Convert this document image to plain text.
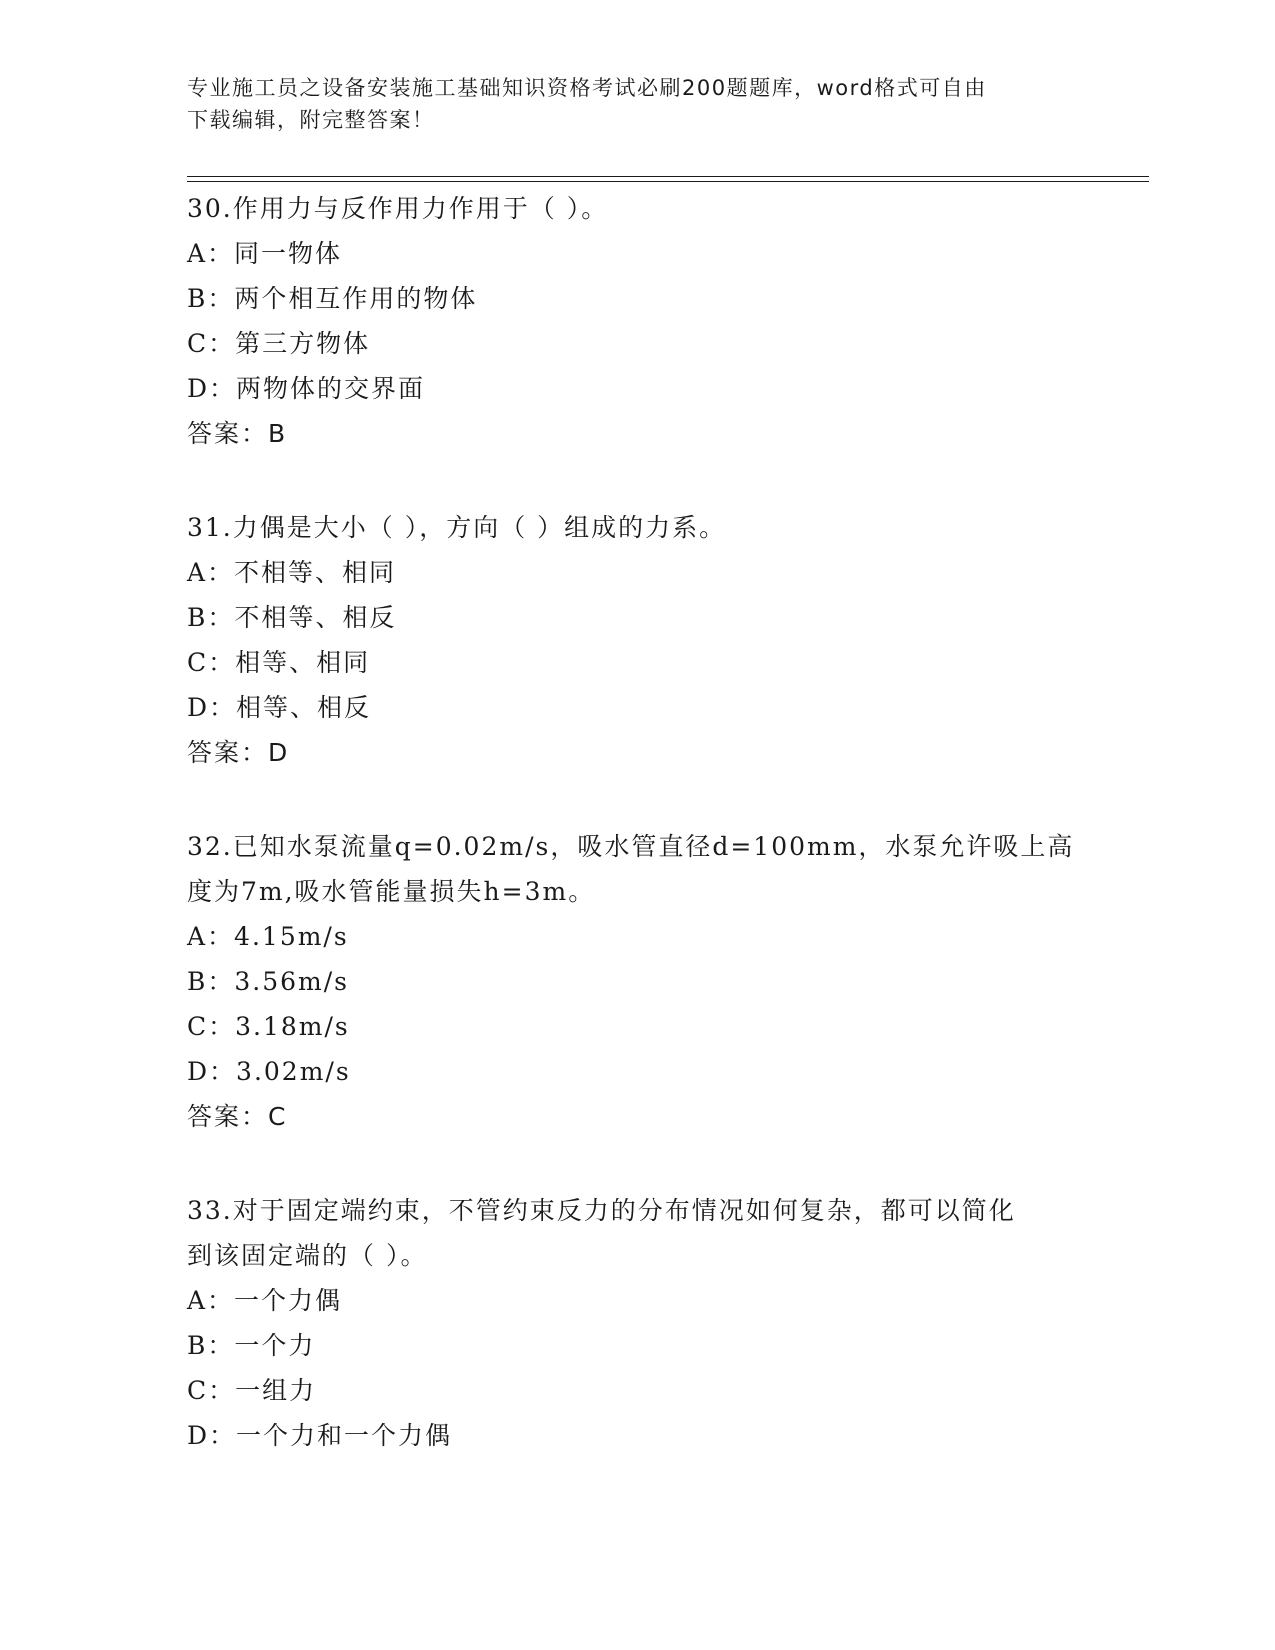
专业施工员之设备安装施工基础知识资格考试必刷200题题库，word格式可自由
下载编辑，附完整答案！
30.作用力与反作用力作用于（ ）。
A：同一物体
B：两个相互作用的物体
C：第三方物体
D：两物体的交界面
答案：B
31.力偶是大小（ ），方向（ ）组成的力系。
A：不相等、相同
B：不相等、相反
C：相等、相同
D：相等、相反
答案：D
32.已知水泵流量q=0.02m/s，吸水管直径d=100mm，水泵允许吸上高
度为7m,吸水管能量损失h=3m。
A：4.15m/s
B：3.56m/s
C：3.18m/s
D：3.02m/s
答案：C
33.对于固定端约束，不管约束反力的分布情况如何复杂，都可以简化
到该固定端的（ ）。
A：一个力偶
B：一个力
C：一组力
D：一个力和一个力偶
